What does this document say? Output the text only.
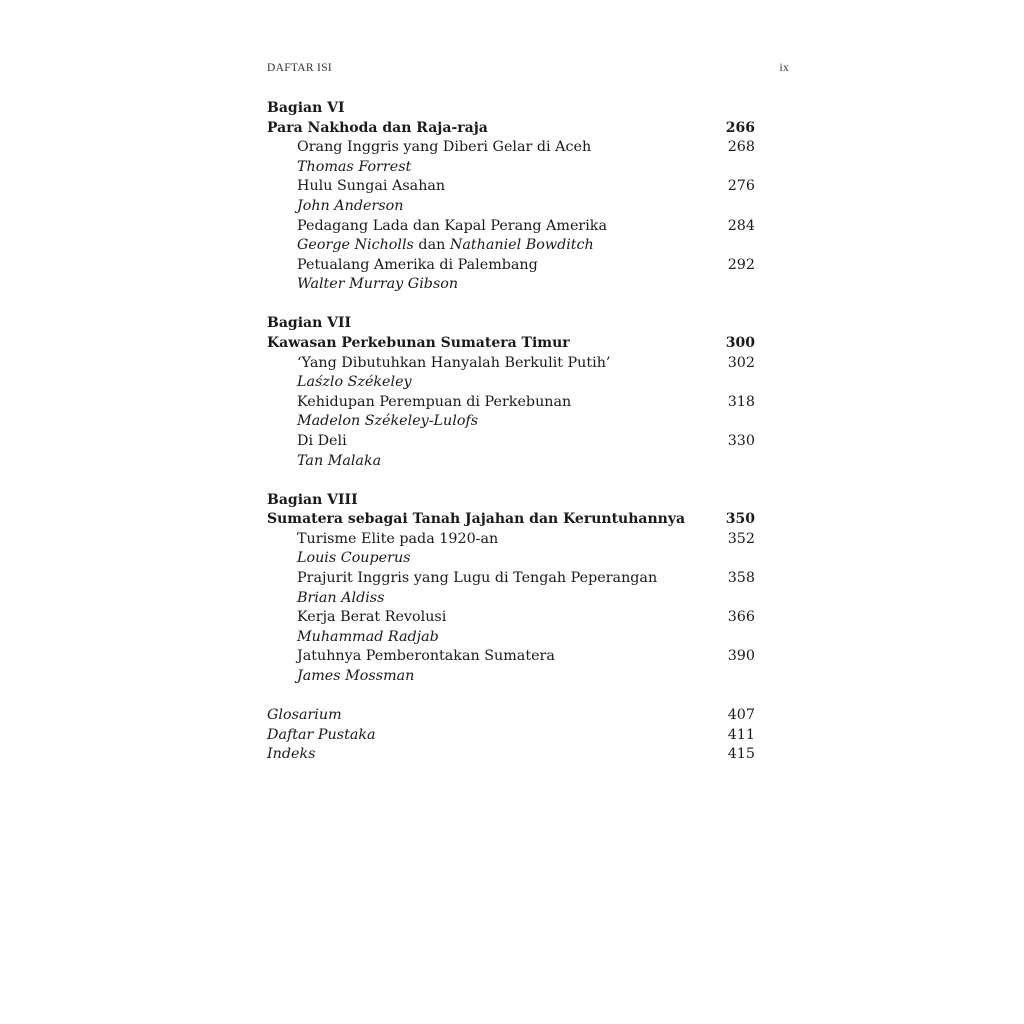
DAFTAR ISI	ix
Bagian VI
Para Nakhoda dan Raja-raja	266
Orang Inggris yang Diberi Gelar di Aceh	268
Thomas Forrest
Hulu Sungai Asahan	276
John Anderson
Pedagang Lada dan Kapal Perang Amerika	284
George Nicholls dan Nathaniel Bowditch
Petualang Amerika di Palembang	292
Walter Murray Gibson
Bagian VII
Kawasan Perkebunan Sumatera Timur	300
‘Yang Dibutuhkan Hanyalah Berkulit Putih’	302
Laśzlo Székeley
Kehidupan Perempuan di Perkebunan	318
Madelon Székeley-Lulofs
Di Deli	330
Tan Malaka
Bagian VIII
Sumatera sebagai Tanah Jajahan dan Keruntuhannya	350
Turisme Elite pada 1920-an	352
Louis Couperus
Prajurit Inggris yang Lugu di Tengah Peperangan	358
Brian Aldiss
Kerja Berat Revolusi	366
Muhammad Radjab
Jatuhnya Pemberontakan Sumatera	390
James Mossman
Glosarium	407
Daftar Pustaka	411
Indeks	415
